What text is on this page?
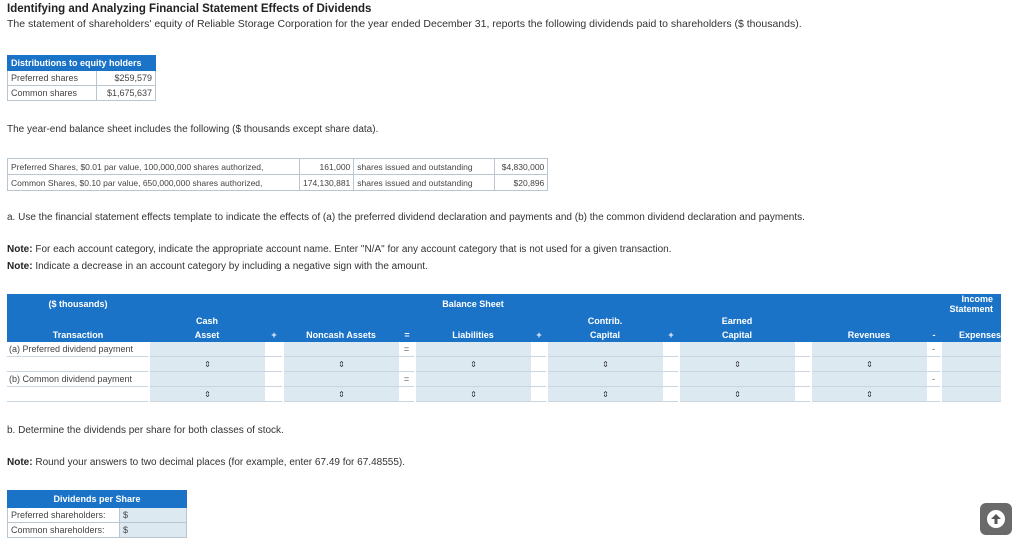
Identifying and Analyzing Financial Statement Effects of Dividends
The statement of shareholders' equity of Reliable Storage Corporation for the year ended December 31, reports the following dividends paid to shareholders ($ thousands).
Distributions to equity holders	
Preferred shares	$259,579
Common shares	$1,675,637
The year-end balance sheet includes the following ($ thousands except share data).
Preferred Shares, $0.01 par value, 100,000,000 shares authorized,	161,000	shares issued and outstanding	$4,830,000
Common Shares, $0.10 par value, 650,000,000 shares authorized,	174,130,881	shares issued and outstanding	$20,896
a. Use the financial statement effects template to indicate the effects of (a) the preferred dividend declaration and payments and (b) the common dividend declaration and payments.
Note: For each account category, indicate the appropriate account name. Enter "N/A" for any account category that is not used for a given transaction.
Note: Indicate a decrease in an account category by including a negative sign with the amount.
($ thousands)					Balance Sheet							Income Statement	
	Cash						Contrib.		Earned				
Transaction	Asset	+	Noncash Assets	=	Liabilities	+	Capital	+	Capital		Revenues	-	Expenses
(a) Preferred dividend payment				=								-	
	⇕		⇕		⇕		⇕		⇕		⇕		
(b) Common dividend payment				=								-	
	⇕		⇕		⇕		⇕		⇕		⇕		
b. Determine the dividends per share for both classes of stock.
Note: Round your answers to two decimal places (for example, enter 67.49 for 67.48555).
Dividends per Share	
Preferred shareholders:	$
Common shareholders:	$
